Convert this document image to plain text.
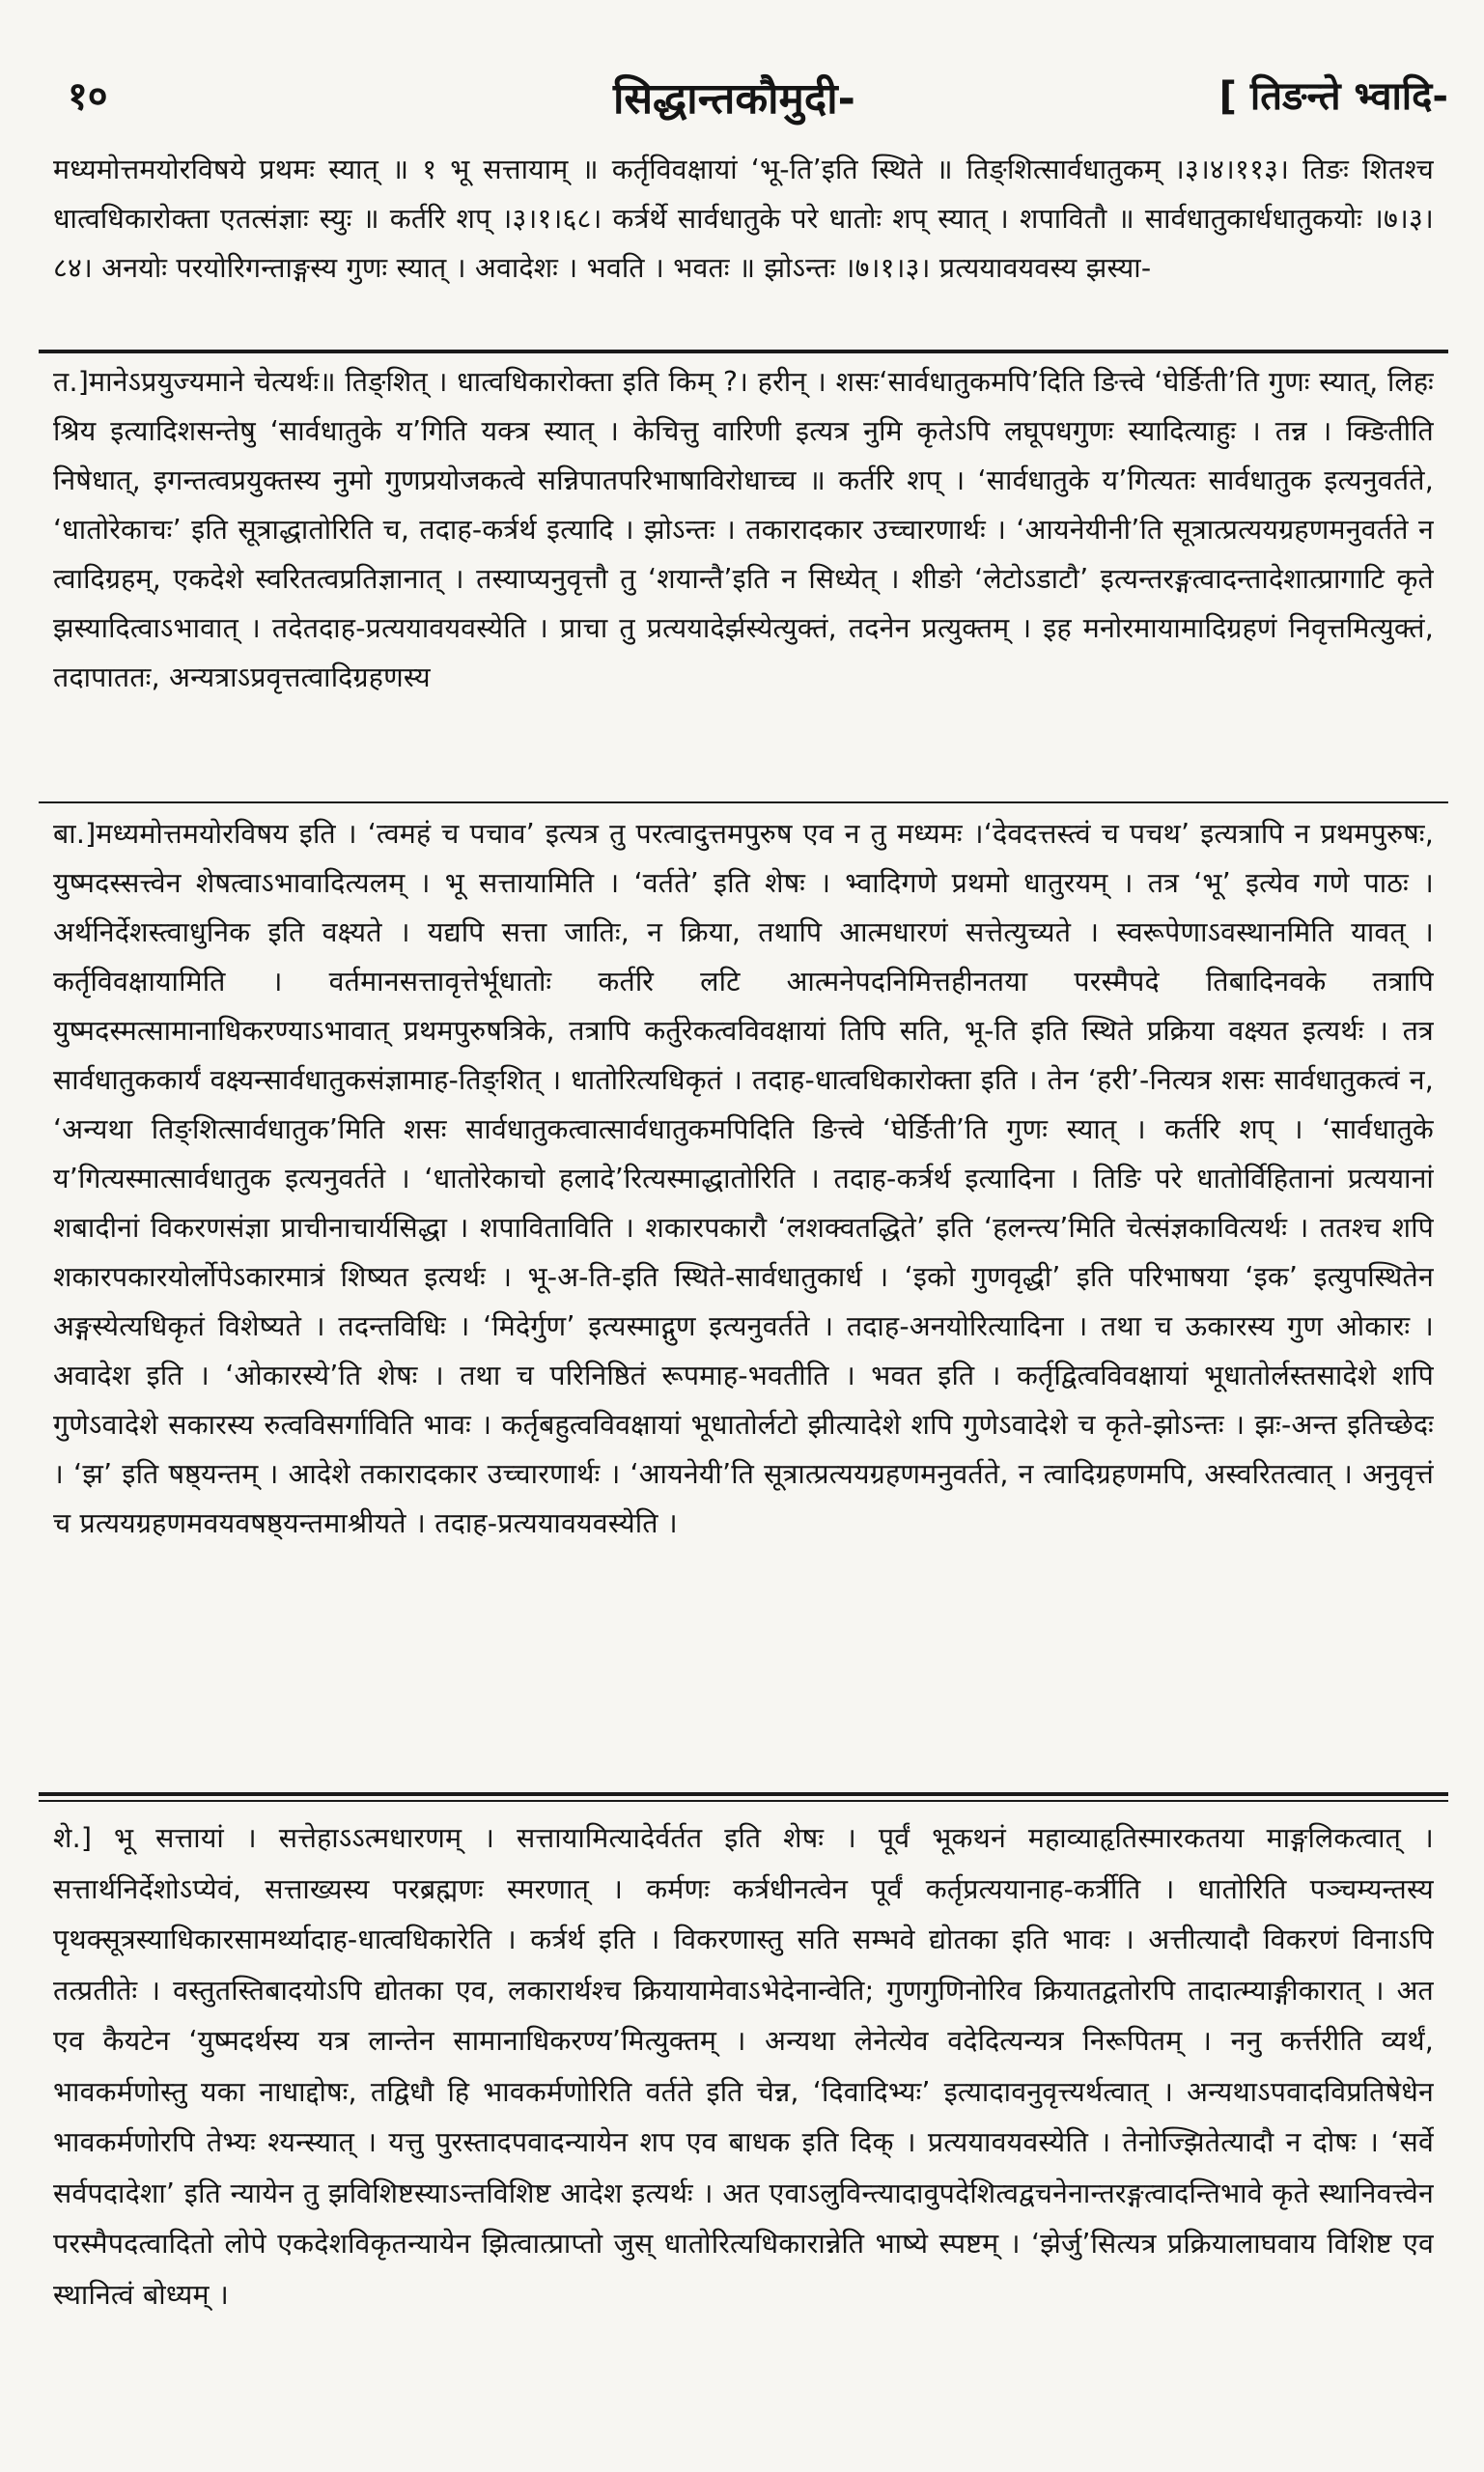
१०	सिद्धान्तकौमुदी-	[ तिङन्ते भ्वादि-

मध्यमोत्तमयोरविषये प्रथमः स्यात् ॥ १ भू सत्तायाम् ॥ कर्तृविवक्षायां ‘भू-ति’इति स्थिते ॥ तिङ्शित्सार्वधातुकम् ।३।४।११३। तिङः शितश्च धात्वधिकारोक्ता एतत्संज्ञाः स्युः ॥ कर्तरि शप् ।३।१।६८। कर्त्रर्थे सार्वधातुके परे धातोः शप् स्यात् । शपावितौ ॥ सार्वधातुकार्धधातुकयोः ।७।३।८४। अनयोः परयोरिगन्ताङ्गस्य गुणः स्यात् । अवादेशः । भवति । भवतः ॥ झोऽन्तः ।७।१।३। प्रत्ययावयवस्य झस्या-

त.]मानेऽप्रयुज्यमाने चेत्यर्थः॥ तिङ्शित् । धात्वधिकारोक्ता इति किम् ?। हरीन् । शसः‘सार्वधातुकमपि’दिति ङित्त्वे ‘घेर्ङिती’ति गुणः स्यात्, लिहः श्रिय इत्यादिशसन्तेषु ‘सार्वधातुके य’गिति यक्त्र स्यात् । केचित्तु वारिणी इत्यत्र नुमि कृतेऽपि लघूपधगुणः स्यादित्याहुः । तन्न । क्ङितीति निषेधात्, इगन्तत्वप्रयुक्तस्य नुमो गुणप्रयोजकत्वे सन्निपातपरिभाषाविरोधाच्च ॥ कर्तरि शप् । ‘सार्वधातुके य’गित्यतः सार्वधातुक इत्यनुवर्तते, ‘धातोरेकाचः’ इति सूत्राद्धातोरिति च, तदाह-कर्त्रर्थ इत्यादि । झोऽन्तः । तकारादकार उच्चारणार्थः । ‘आयनेयीनी’ति सूत्रात्प्रत्ययग्रहणमनुवर्तते न त्वादिग्रहम्, एकदेशे स्वरितत्वप्रतिज्ञानात् । तस्याप्यनुवृत्तौ तु ‘शयान्तै’इति न सिध्येत् । शीङो ‘लेटोऽडाटौ’ इत्यन्तरङ्गत्वादन्तादेशात्प्रागाटि कृते झस्यादित्वाऽभावात् । तदेतदाह-प्रत्ययावयवस्येति । प्राचा तु प्रत्ययादेर्झस्येत्युक्तं, तदनेन प्रत्युक्तम् । इह मनोरमायामादिग्रहणं निवृत्तमित्युक्तं, तदापाततः, अन्यत्राऽप्रवृत्तत्वादिग्रहणस्य

बा.]मध्यमोत्तमयोरविषय इति । ‘त्वमहं च पचाव’ इत्यत्र तु परत्वादुत्तमपुरुष एव न तु मध्यमः ।‘देवदत्तस्त्वं च पचथ’ इत्यत्रापि न प्रथमपुरुषः, युष्मदस्सत्त्वेन शेषत्वाऽभावादित्यलम् । भू सत्तायामिति । ‘वर्तते’ इति शेषः । भ्वादिगणे प्रथमो धातुरयम् । तत्र ‘भू’ इत्येव गणे पाठः । अर्थनिर्देशस्त्वाधुनिक इति वक्ष्यते । यद्यपि सत्ता जातिः, न क्रिया, तथापि आत्मधारणं सत्तेत्युच्यते । स्वरूपेणाऽवस्थानमिति यावत् । कर्तृविवक्षायामिति । वर्तमानसत्तावृत्तेर्भूधातोः कर्तरि लटि आत्मनेपदनिमित्तहीनतया परस्मैपदे तिबादिनवके तत्रापि युष्मदस्मत्सामानाधिकरण्याऽभावात् प्रथमपुरुषत्रिके, तत्रापि कर्तुरेकत्वविवक्षायां तिपि सति, भू-ति इति स्थिते प्रक्रिया वक्ष्यत इत्यर्थः । तत्र सार्वधातुककार्यं वक्ष्यन्सार्वधातुकसंज्ञामाह-तिङ्शित् । धातोरित्यधिकृतं । तदाह-धात्वधिकारोक्ता इति । तेन ‘हरी’-नित्यत्र शसः सार्वधातुकत्वं न, ‘अन्यथा तिङ्शित्सार्वधातुक’मिति शसः सार्वधातुकत्वात्सार्वधातुकमपिदिति ङित्त्वे ‘घेर्ङिती’ति गुणः स्यात् । कर्तरि शप् । ‘सार्वधातुके य’गित्यस्मात्सार्वधातुक इत्यनुवर्तते । ‘धातोरेकाचो हलादे’रित्यस्माद्धातोरिति । तदाह-कर्त्रर्थ इत्यादिना । तिङि परे धातोर्विहितानां प्रत्ययानां शबादीनां विकरणसंज्ञा प्राचीनाचार्यसिद्धा । शपाविताविति । शकारपकारौ ‘लशक्वतद्धिते’ इति ‘हलन्त्य’मिति चेत्संज्ञकावित्यर्थः । ततश्च शपि शकारपकारयोर्लोपेऽकारमात्रं शिष्यत इत्यर्थः । भू-अ-ति-इति स्थिते-सार्वधातुकार्ध । ‘इको गुणवृद्धी’ इति परिभाषया ‘इक’ इत्युपस्थितेन अङ्गस्येत्यधिकृतं विशेष्यते । तदन्तविधिः । ‘मिदेर्गुण’ इत्यस्माद्गुण इत्यनुवर्तते । तदाह-अनयोरित्यादिना । तथा च ऊकारस्य गुण ओकारः । अवादेश इति । ‘ओकारस्ये’ति शेषः । तथा च परिनिष्ठितं रूपमाह-भवतीति । भवत इति । कर्तृद्वित्वविवक्षायां भूधातोर्लस्तसादेशे शपि गुणेऽवादेशे सकारस्य रुत्वविसर्गाविति भावः । कर्तृबहुत्वविवक्षायां भूधातोर्लटो झीत्यादेशे शपि गुणेऽवादेशे च कृते-झोऽन्तः । झः-अन्त इतिच्छेदः । ‘झ’ इति षष्ठ्यन्तम् । आदेशे तकारादकार उच्चारणार्थः । ‘आयनेयी’ति सूत्रात्प्रत्ययग्रहणमनुवर्तते, न त्वादिग्रहणमपि, अस्वरितत्वात् । अनुवृत्तं च प्रत्ययग्रहणमवयवषष्ठ्यन्तमाश्रीयते । तदाह-प्रत्ययावयवस्येति ।

शे.] भू सत्तायां । सत्तेहाऽऽत्मधारणम् । सत्तायामित्यादेर्वर्तत इति शेषः । पूर्वं भूकथनं महाव्याहृतिस्मारकतया माङ्गलिकत्वात् । सत्तार्थनिर्देशोऽप्येवं, सत्ताख्यस्य परब्रह्मणः स्मरणात् । कर्मणः कर्त्रधीनत्वेन पूर्वं कर्तृप्रत्ययानाह-कर्त्रीति । धातोरिति पञ्चम्यन्तस्य पृथक्सूत्रस्याधिकारसामर्थ्यादाह-धात्वधिकारेति । कर्त्रर्थ इति । विकरणास्तु सति सम्भवे द्योतका इति भावः । अत्तीत्यादौ विकरणं विनाऽपि तत्प्रतीतेः । वस्तुतस्तिबादयोऽपि द्योतका एव, लकारार्थश्च क्रियायामेवाऽभेदेनान्वेति; गुणगुणिनोरिव क्रियातद्वतोरपि तादात्म्याङ्गीकारात् । अत एव कैयटेन ‘युष्मदर्थस्य यत्र लान्तेन सामानाधिकरण्य’मित्युक्तम् । अन्यथा लेनेत्येव वदेदित्यन्यत्र निरूपितम् । ननु कर्त्तरीति व्यर्थं, भावकर्मणोस्तु यका नाधाद्दोषः, तद्विधौ हि भावकर्मणोरिति वर्तते इति चेन्न, ‘दिवादिभ्यः’ इत्यादावनुवृत्त्यर्थत्वात् । अन्यथाऽपवादविप्रतिषेधेन भावकर्मणोरपि तेभ्यः श्यन्स्यात् । यत्तु पुरस्तादपवादन्यायेन शप एव बाधक इति दिक् । प्रत्ययावयवस्येति । तेनोज्झितेत्यादौ न दोषः । ‘सर्वे सर्वपदादेशा’ इति न्यायेन तु झविशिष्टस्याऽन्तविशिष्ट आदेश इत्यर्थः । अत एवाऽलुविन्त्यादावुपदेशित्वद्वचनेनान्तरङ्गत्वादन्तिभावे कृते स्थानिवत्त्वेन परस्मैपदत्वादितो लोपे एकदेशविकृतन्यायेन झित्वात्प्राप्तो जुस् धातोरित्यधिकारान्नेति भाष्ये स्पष्टम् । ‘झेर्जु’सित्यत्र प्रक्रियालाघवाय विशिष्ट एव स्थानित्वं बोध्यम् ।
